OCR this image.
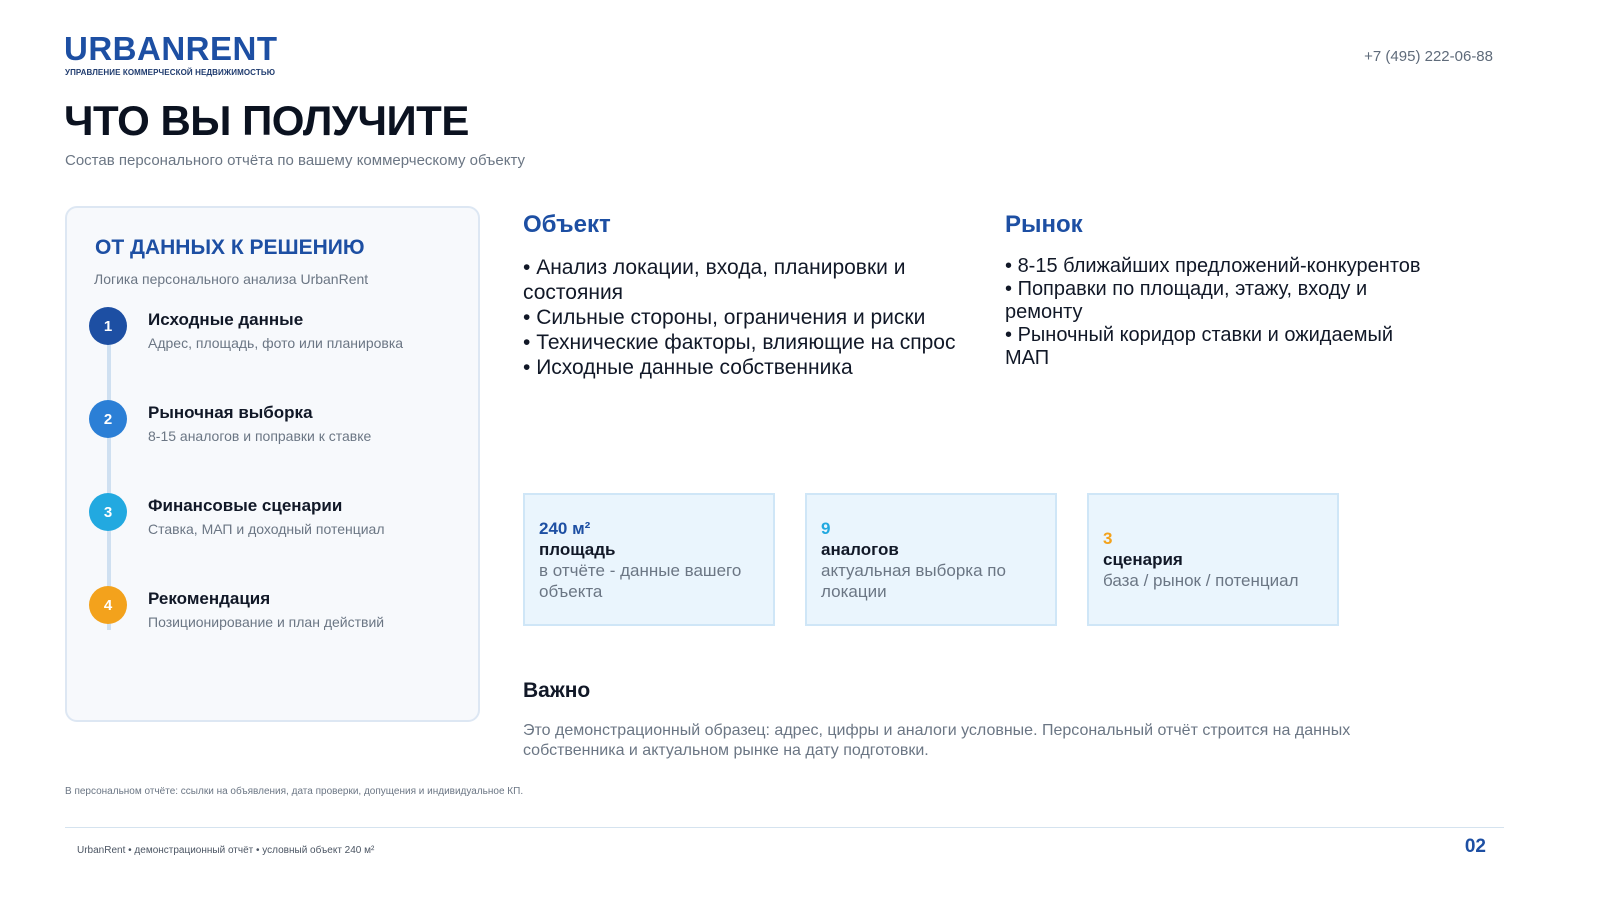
URBANRENT
УПРАВЛЕНИЕ КОММЕРЧЕСКОЙ НЕДВИЖИМОСТЬЮ
+7 (495) 222-06-88
ЧТО ВЫ ПОЛУЧИТЕ
Состав персонального отчёта по вашему коммерческому объекту
ОТ ДАННЫХ К РЕШЕНИЮ
Логика персонального анализа UrbanRent
1	Исходные данные
Адрес, площадь, фото или планировка
2	Рыночная выборка
8-15 аналогов и поправки к ставке
3	Финансовые сценарии
Ставка, МАП и доходный потенциал
4	Рекомендация
Позиционирование и план действий
Объект
• Анализ локации, входа, планировки и состояния
• Сильные стороны, ограничения и риски
• Технические факторы, влияющие на спрос
• Исходные данные собственника
Рынок
• 8-15 ближайших предложений-конкурентов
• Поправки по площади, этажу, входу и ремонту
• Рыночный коридор ставки и ожидаемый МАП
240 м²
площадь
в отчёте - данные вашего объекта
9
аналогов
актуальная выборка по локации
3
сценария
база / рынок / потенциал
Важно
Это демонстрационный образец: адрес, цифры и аналоги условные. Персональный отчёт строится на данных собственника и актуальном рынке на дату подготовки.
В персональном отчёте: ссылки на объявления, дата проверки, допущения и индивидуальное КП.
UrbanRent • демонстрационный отчёт • условный объект 240 м²	02
